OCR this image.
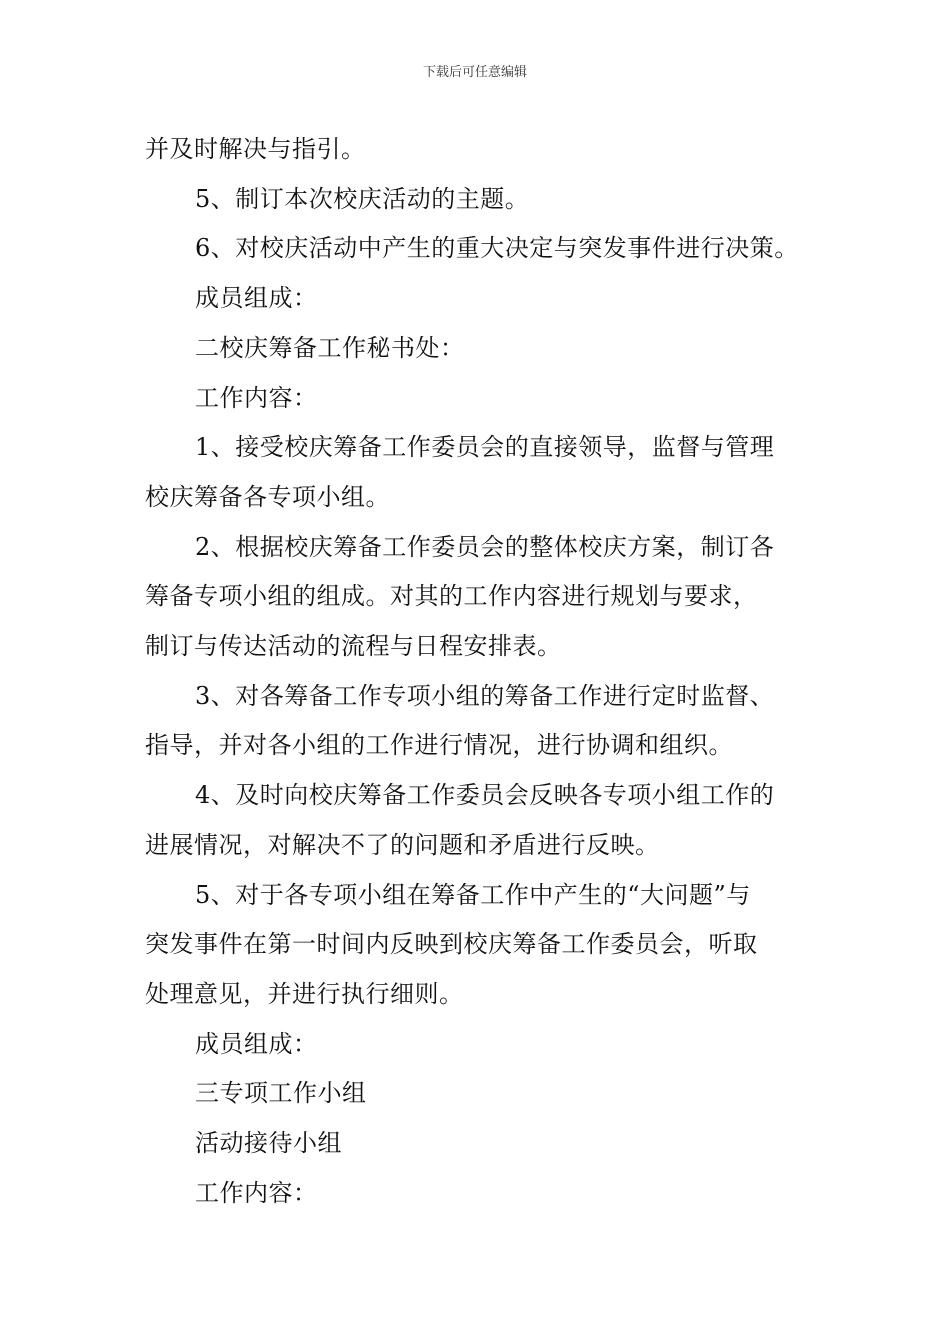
下载后可任意编辑

并及时解决与指引。

5、制订本次校庆活动的主题。

6、对校庆活动中产生的重大决定与突发事件进行决策。

成员组成：

二校庆筹备工作秘书处：

工作内容：

1、接受校庆筹备工作委员会的直接领导，监督与管理

校庆筹备各专项小组。

2、根据校庆筹备工作委员会的整体校庆方案，制订各

筹备专项小组的组成。对其的工作内容进行规划与要求，

制订与传达活动的流程与日程安排表。

3、对各筹备工作专项小组的筹备工作进行定时监督、

指导，并对各小组的工作进行情况，进行协调和组织。

4、及时向校庆筹备工作委员会反映各专项小组工作的

进展情况，对解决不了的问题和矛盾进行反映。

5、对于各专项小组在筹备工作中产生的“大问题”与

突发事件在第一时间内反映到校庆筹备工作委员会，听取

处理意见，并进行执行细则。

成员组成：

三专项工作小组

活动接待小组

工作内容：
